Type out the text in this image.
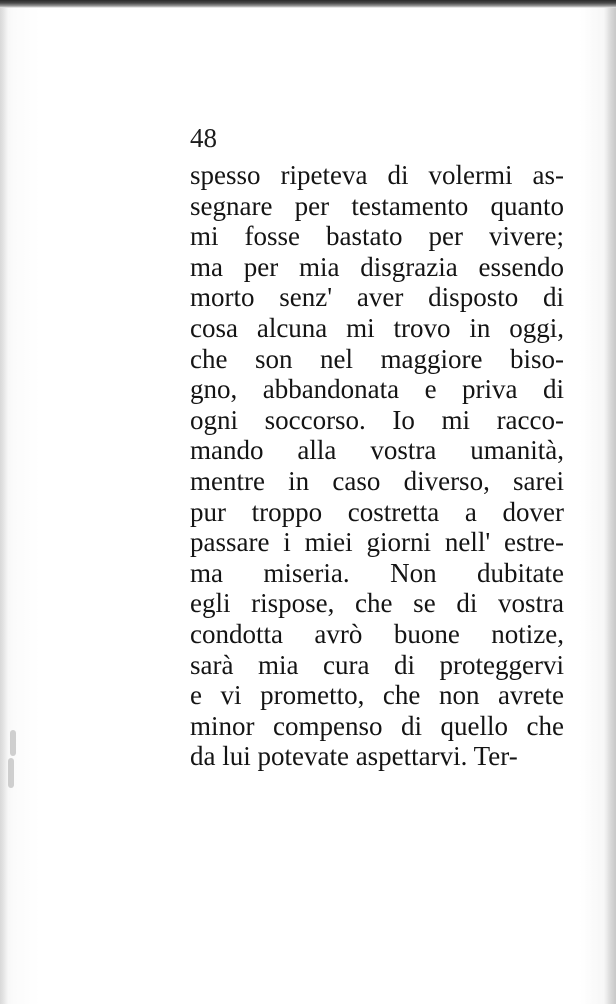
48
spesso ripeteva di volermi as-
segnare per testamento quanto
mi fosse bastato per vivere;
ma per mia disgrazia essendo
morto senz' aver disposto di
cosa alcuna mi trovo in oggi,
che son nel maggiore biso-
gno, abbandonata e priva di
ogni soccorso. Io mi racco-
mando alla vostra umanità,
mentre in caso diverso, sarei
pur troppo costretta a dover
passare i miei giorni nell' estre-
ma miseria. Non dubitate
egli rispose, che se di vostra
condotta avrò buone notize,
sarà mia cura di proteggervi
e vi prometto, che non avrete
minor compenso di quello che
da lui potevate aspettarvi. Ter-
